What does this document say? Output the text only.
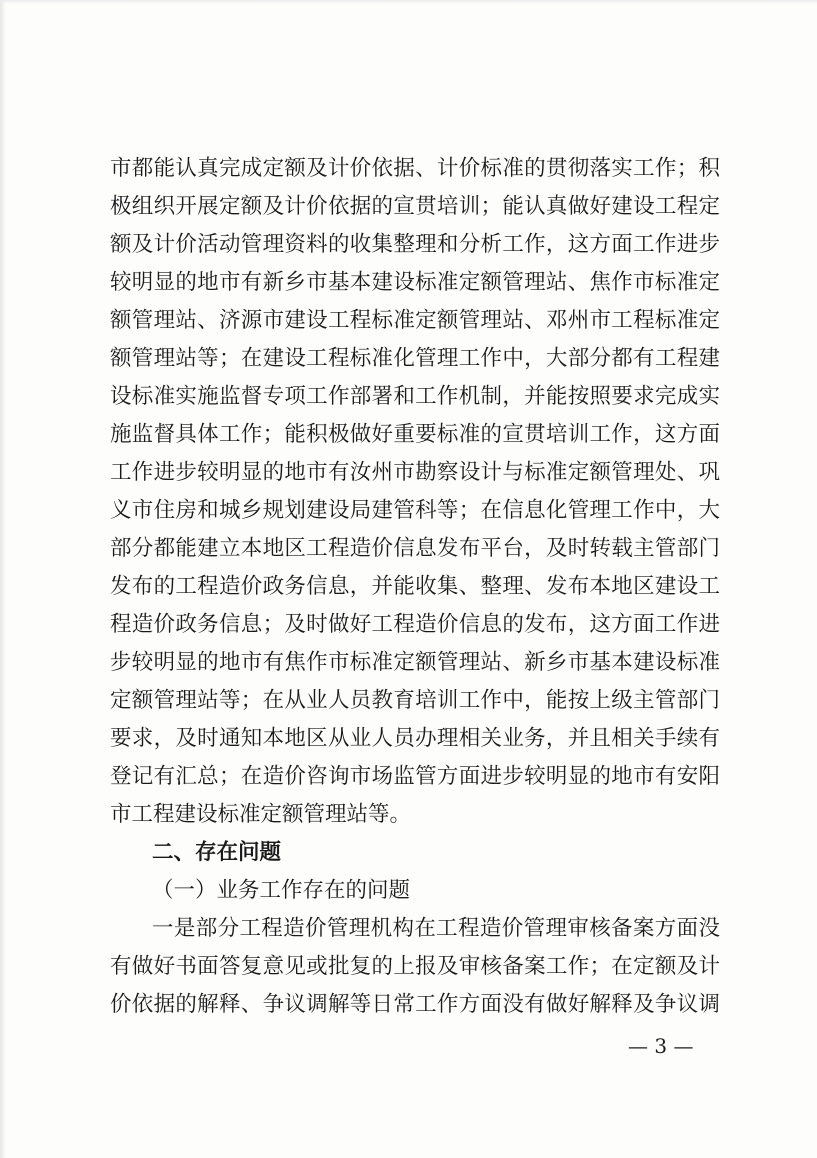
市都能认真完成定额及计价依据、计价标准的贯彻落实工作；积
极组织开展定额及计价依据的宣贯培训；能认真做好建设工程定
额及计价活动管理资料的收集整理和分析工作，这方面工作进步
较明显的地市有新乡市基本建设标准定额管理站、焦作市标准定
额管理站、济源市建设工程标准定额管理站、邓州市工程标准定
额管理站等；在建设工程标准化管理工作中，大部分都有工程建
设标准实施监督专项工作部署和工作机制，并能按照要求完成实
施监督具体工作；能积极做好重要标准的宣贯培训工作，这方面
工作进步较明显的地市有汝州市勘察设计与标准定额管理处、巩
义市住房和城乡规划建设局建管科等；在信息化管理工作中，大
部分都能建立本地区工程造价信息发布平台，及时转载主管部门
发布的工程造价政务信息，并能收集、整理、发布本地区建设工
程造价政务信息；及时做好工程造价信息的发布，这方面工作进
步较明显的地市有焦作市标准定额管理站、新乡市基本建设标准
定额管理站等；在从业人员教育培训工作中，能按上级主管部门
要求，及时通知本地区从业人员办理相关业务，并且相关手续有
登记有汇总；在造价咨询市场监管方面进步较明显的地市有安阳
市工程建设标准定额管理站等。
二、存在问题
（一）业务工作存在的问题
一是部分工程造价管理机构在工程造价管理审核备案方面没
有做好书面答复意见或批复的上报及审核备案工作；在定额及计
价依据的解释、争议调解等日常工作方面没有做好解释及争议调
— 3 —
